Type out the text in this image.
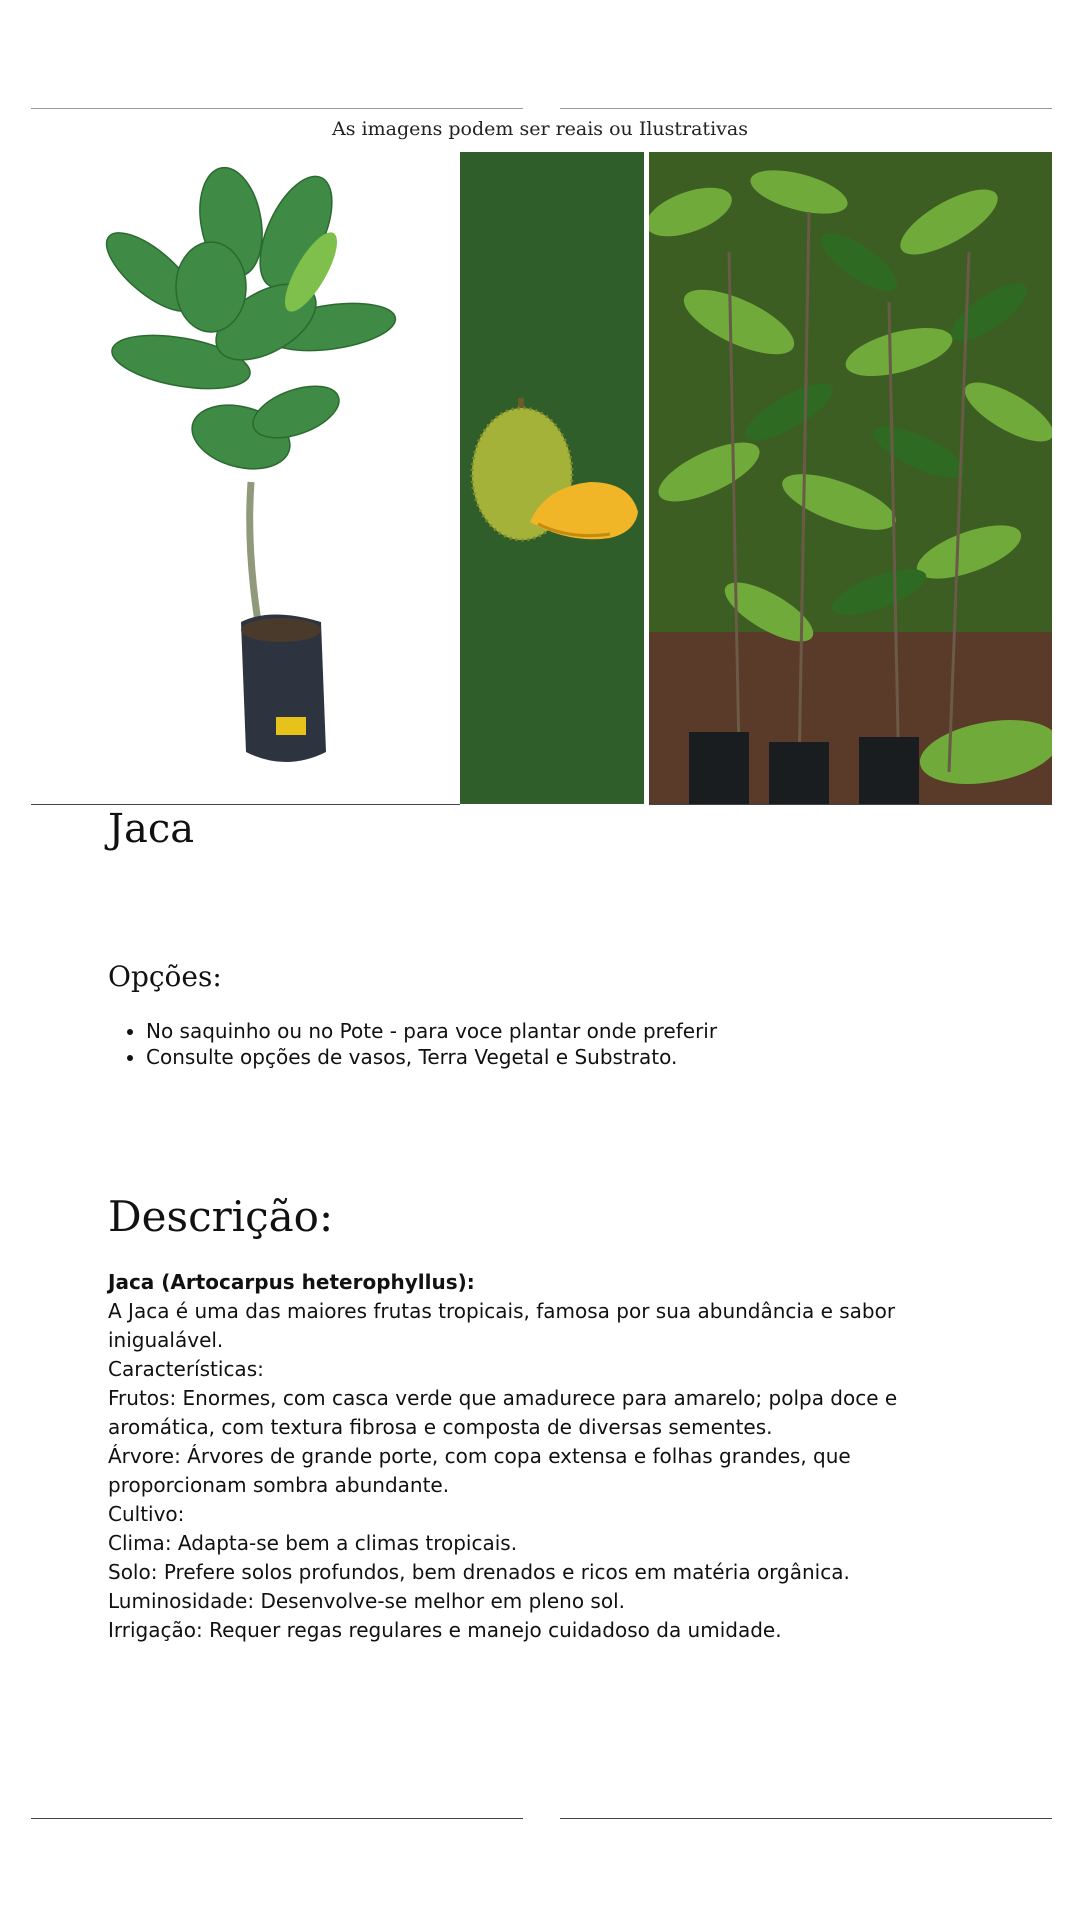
As imagens podem ser reais ou Ilustrativas
Jaca
Opções:
• No saquinho ou no Pote - para voce plantar onde preferir
• Consulte opções de vasos, Terra Vegetal e Substrato.
Descrição:

Jaca (Artocarpus heterophyllus):

A Jaca é uma das maiores frutas tropicais, famosa por sua abundância e sabor inigualável.

Características:

Frutos: Enormes, com casca verde que amadurece para amarelo; polpa doce e aromática, com textura fibrosa e composta de diversas sementes.

Árvore: Árvores de grande porte, com copa extensa e folhas grandes, que proporcionam sombra abundante.

Cultivo:

Clima: Adapta-se bem a climas tropicais.

Solo: Prefere solos profundos, bem drenados e ricos em matéria orgânica.

Luminosidade: Desenvolve-se melhor em pleno sol.

Irrigação: Requer regas regulares e manejo cuidadoso da umidade.
